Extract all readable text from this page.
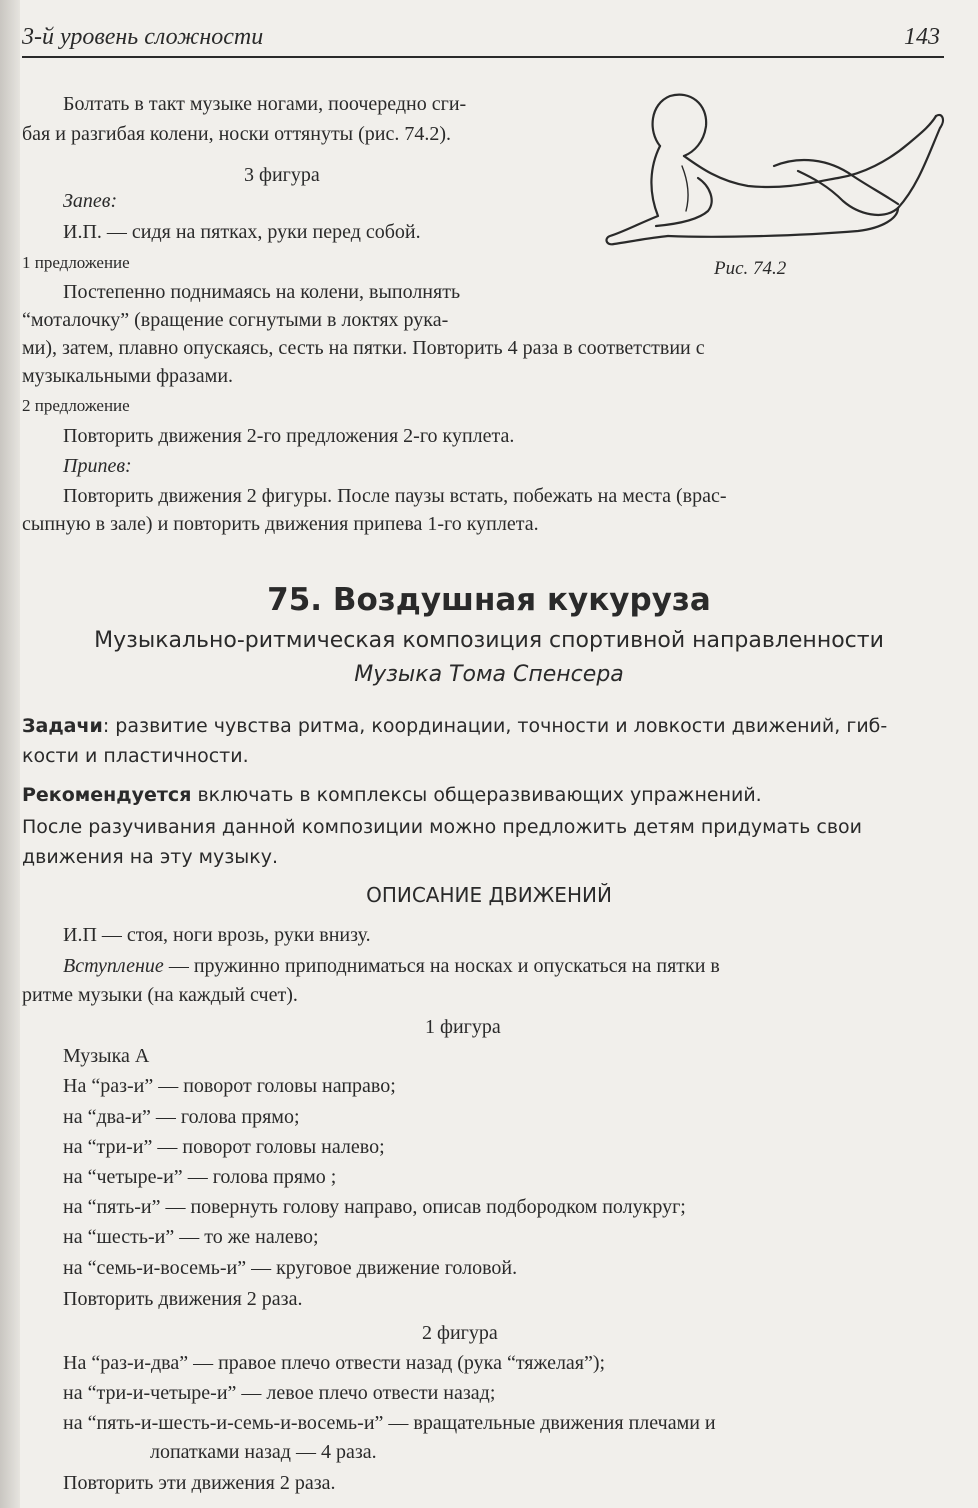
3-й уровень сложности	143
Рис. 74.2
Болтать в такт музыке ногами, поочередно сги-
бая и разгибая колени, носки оттянуты (рис. 74.2).
3 фигура
Запев:
И.П. — сидя на пятках, руки перед собой.
1 предложение
Постепенно поднимаясь на колени, выполнять
“моталочку” (вращение согнутыми в локтях рука-
ми), затем, плавно опускаясь, сесть на пятки. Повторить 4 раза в соответствии с
музыкальными фразами.
2 предложение
Повторить движения 2-го предложения 2-го куплета.
Припев:
Повторить движения 2 фигуры. После паузы встать, побежать на места (врас-
сыпную в зале) и повторить движения припева 1-го куплета.
75. Воздушная кукуруза
Музыкально-ритмическая композиция спортивной направленности
Музыка Тома Спенсера
Задачи: развитие чувства ритма, координации, точности и ловкости движений, гиб-
кости и пластичности.
Рекомендуется включать в комплексы общеразвивающих упражнений.
После разучивания данной композиции можно предложить детям придумать свои
движения на эту музыку.
ОПИСАНИЕ ДВИЖЕНИЙ
И.П — стоя, ноги врозь, руки внизу.
Вступление — пружинно приподниматься на носках и опускаться на пятки в
ритме музыки (на каждый счет).
1 фигура
Музыка А
На “раз-и” — поворот головы направо;
на “два-и” — голова прямо;
на “три-и” — поворот головы налево;
на “четыре-и” — голова прямо ;
на “пять-и” — повернуть голову направо, описав подбородком полукруг;
на “шесть-и” — то же налево;
на “семь-и-восемь-и” — круговое движение головой.
Повторить движения 2 раза.
2 фигура
На “раз-и-два” — правое плечо отвести назад (рука “тяжелая”);
на “три-и-четыре-и” — левое плечо отвести назад;
на “пять-и-шесть-и-семь-и-восемь-и” — вращательные движения плечами и
лопатками назад — 4 раза.
Повторить эти движения 2 раза.
